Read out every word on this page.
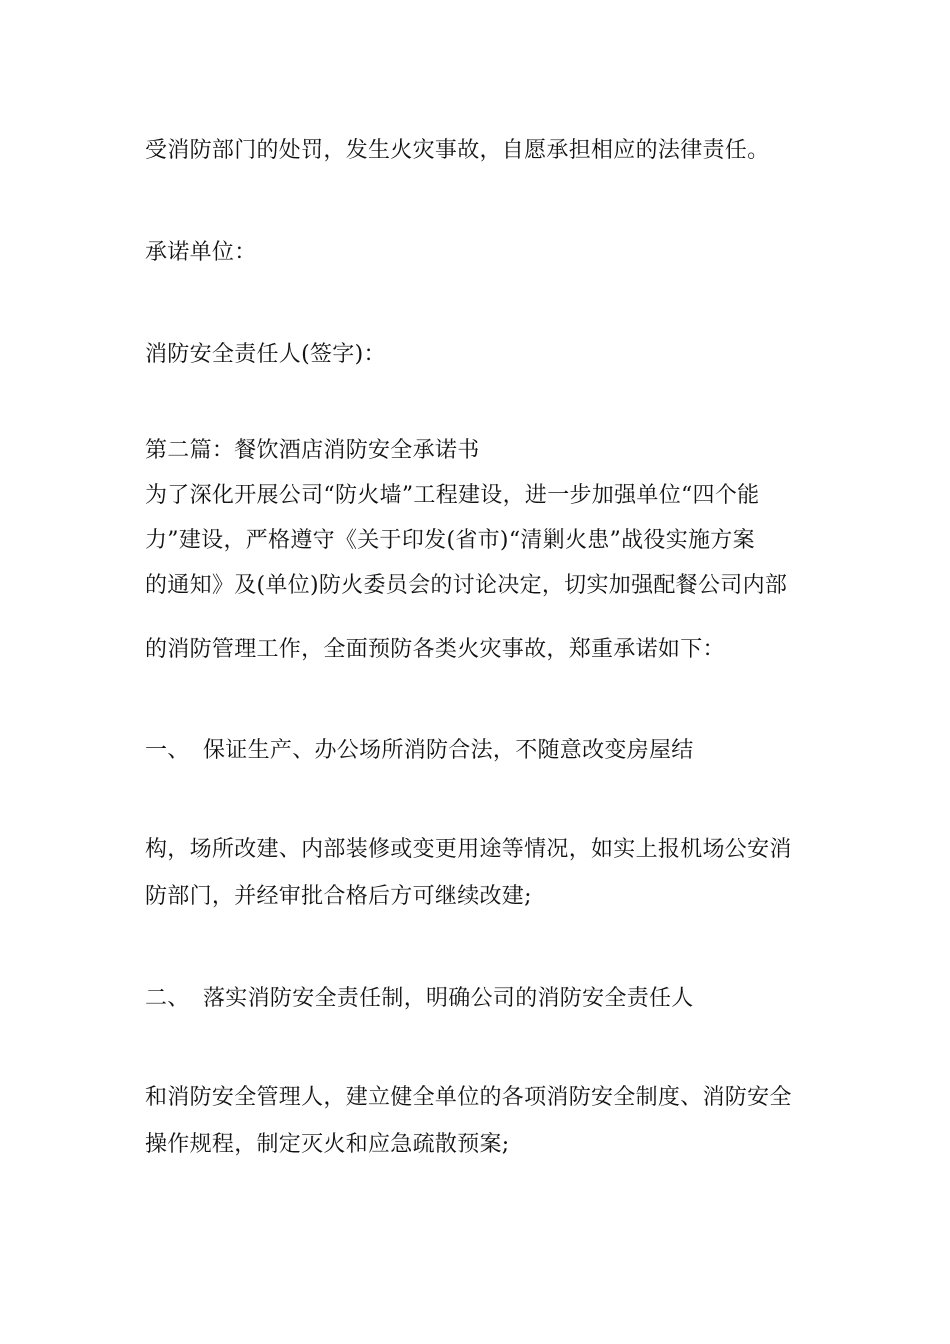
受消防部门的处罚，发生火灾事故，自愿承担相应的法律责任。

承诺单位：

消防安全责任人(签字)：

第二篇：餐饮酒店消防安全承诺书

为了深化开展公司“防火墙”工程建设，进一步加强单位“四个能

力”建设，严格遵守《关于印发(省市)“清剿火患”战役实施方案

的通知》及(单位)防火委员会的讨论决定，切实加强配餐公司内部

的消防管理工作，全面预防各类火灾事故，郑重承诺如下：

一、 保证生产、办公场所消防合法，不随意改变房屋结

构，场所改建、内部装修或变更用途等情况，如实上报机场公安消

防部门，并经审批合格后方可继续改建;

二、 落实消防安全责任制，明确公司的消防安全责任人

和消防安全管理人，建立健全单位的各项消防安全制度、消防安全

操作规程，制定灭火和应急疏散预案;
